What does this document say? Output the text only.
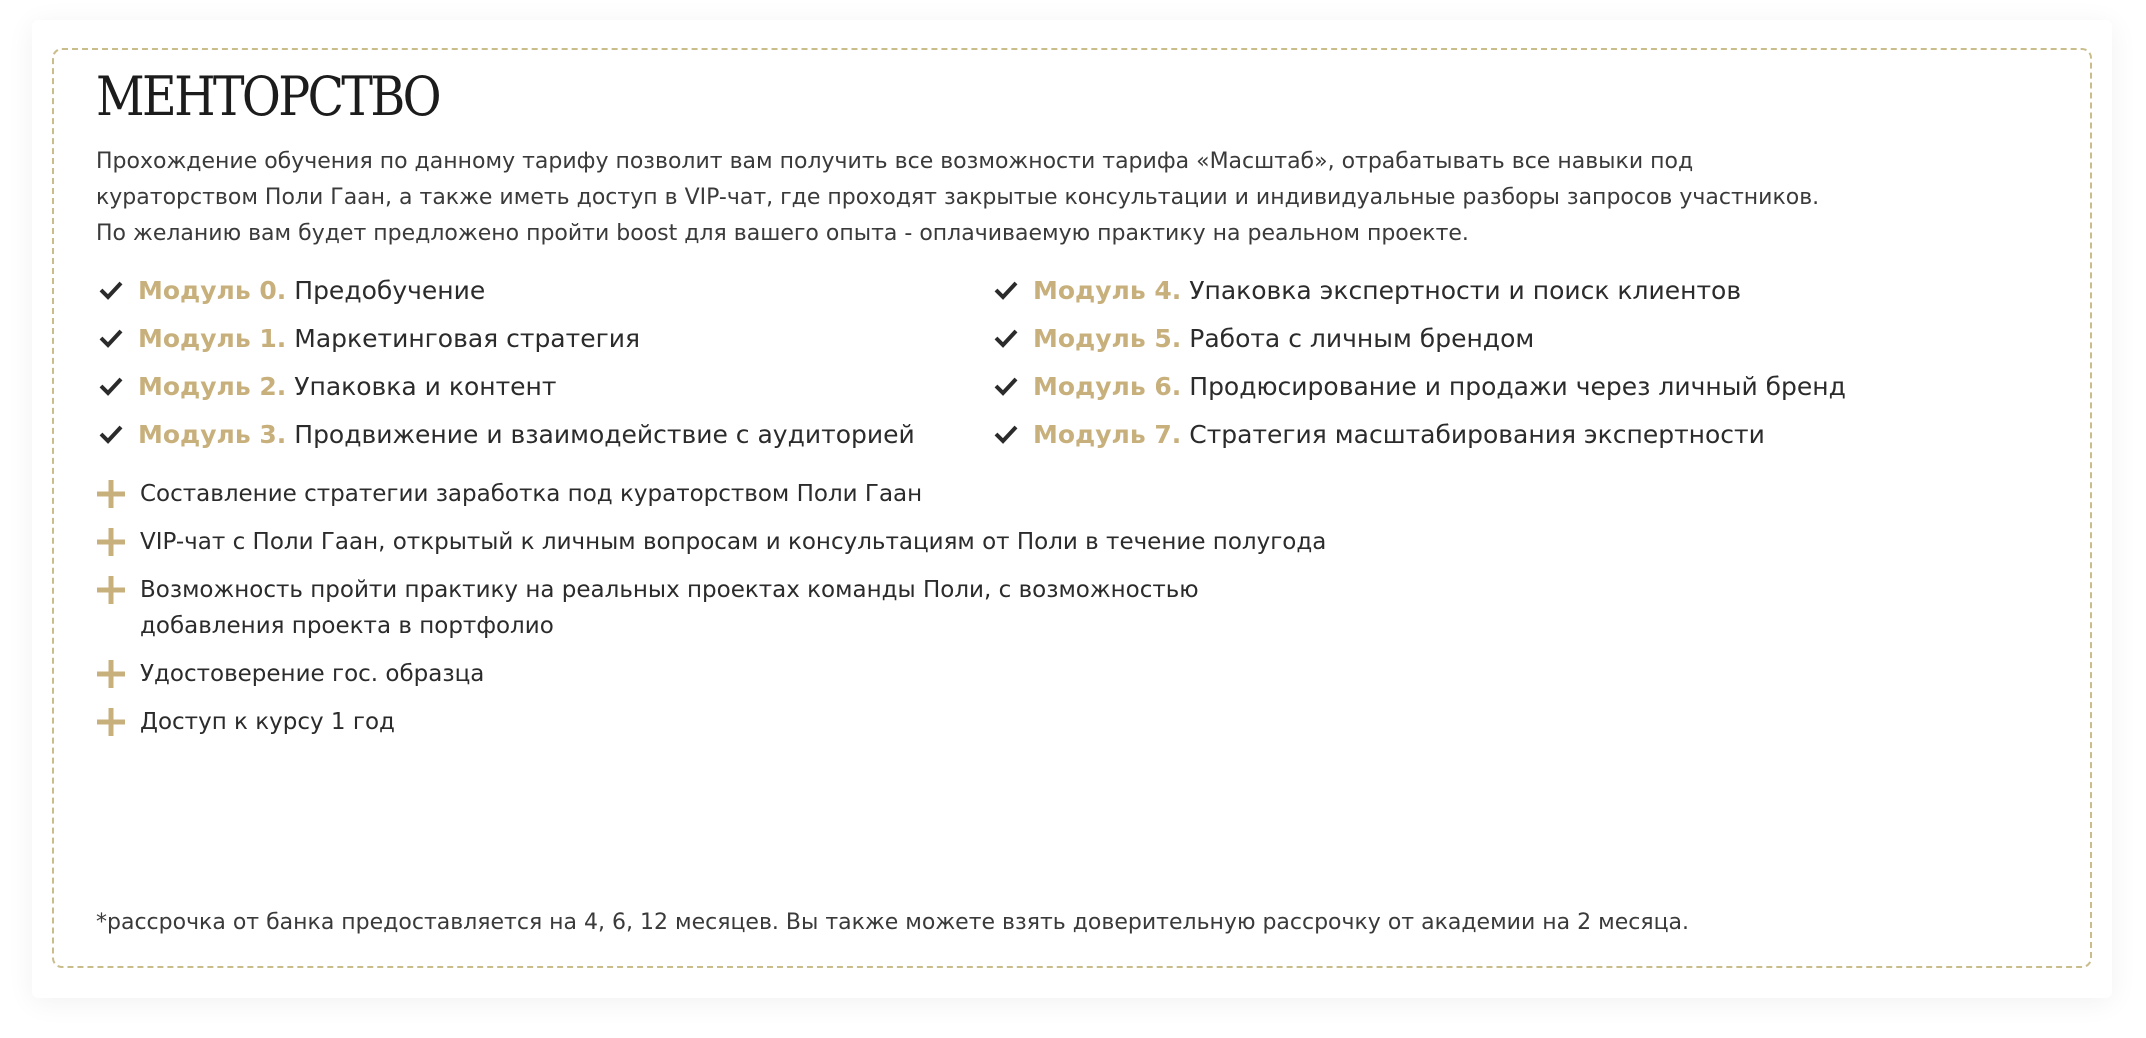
МЕНТОРСТВО
Прохождение обучения по данному тарифу позволит вам получить все возможности тарифа «Масштаб», отрабатывать все навыки под
кураторством Поли Гаан, а также иметь доступ в VIP-чат, где проходят закрытые консультации и индивидуальные разборы запросов участников.
По желанию вам будет предложено пройти boost для вашего опыта - оплачиваемую практику на реальном проекте.
Модуль 0. Предобучение	Модуль 4. Упаковка экспертности и поиск клиентов
Модуль 1. Маркетинговая стратегия	Модуль 5. Работа с личным брендом
Модуль 2. Упаковка и контент	Модуль 6. Продюсирование и продажи через личный бренд
Модуль 3. Продвижение и взаимодействие с аудиторией	Модуль 7. Стратегия масштабирования экспертности
Составление стратегии заработка под кураторством Поли Гаан
VIP-чат с Поли Гаан, открытый к личным вопросам и консультациям от Поли в течение полугода
Возможность пройти практику на реальных проектах команды Поли, с возможностью
добавления проекта в портфолио
Удостоверение гос. образца
Доступ к курсу 1 год
*рассрочка от банка предоставляется на 4, 6, 12 месяцев. Вы также можете взять доверительную рассрочку от академии на 2 месяца.
